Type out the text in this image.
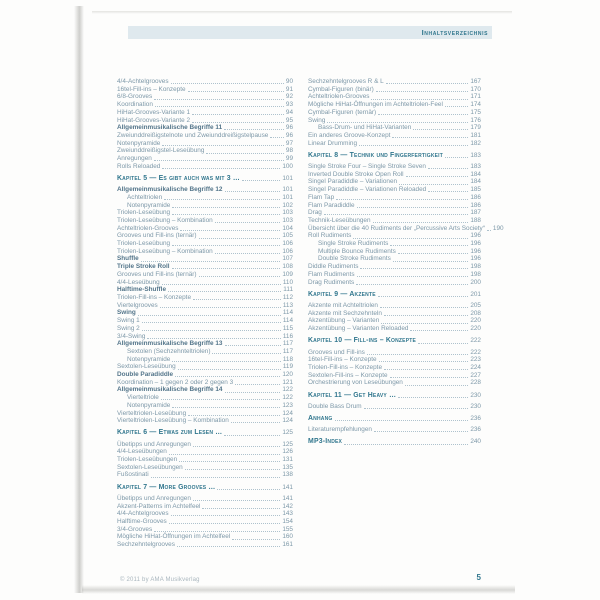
Inhaltsverzeichnis
4/4-Achtelgrooves	90
16tel-Fill-ins – Konzepte	91
6/8-Grooves	92
Koordination	93
HiHat-Grooves-Variante 1	94
HiHat-Grooves-Variante 2	95
Allgemeinmusikalische Begriffe 11	96
Zweiunddreißigstelnote und Zweiunddreißigstelpause	96
Notenpyramide	97
Zweiunddreißigstel-Leseübung	98
Anregungen	99
Rolls Reloaded	100
Kapitel 5 — Es gibt auch was mit 3 …	101
Allgemeinmusikalische Begriffe 12	101
Achteltriolen	101
Notenpyramide	102
Triolen-Leseübung	103
Triolen-Leseübung – Kombination	103
Achteltriolen-Grooves	104
Grooves und Fill-ins (ternär)	105
Triolen-Leseübung	106
Triolen-Leseübung – Kombination	106
Shuffle	107
Triple Stroke Roll	108
Grooves und Fill-ins (ternär)	109
4/4-Leseübung	110
Halftime-Shuffle	111
Triolen-Fill-ins – Konzepte	112
Viertelgrooves	113
Swing	114
Swing 1	114
Swing 2	115
3/4-Swing	116
Allgemeinmusikalische Begriffe 13	117
Sextolen (Sechzehnteltriolen)	117
Notenpyramide	118
Sextolen-Leseübung	119
Double Paradiddle	120
Koordination – 1 gegen 2 oder 2 gegen 3	121
Allgemeinmusikalische Begriffe 14	122
Vierteltriole	122
Notenpyramide	123
Vierteltriolen-Leseübung	124
Vierteltriolen-Leseübung – Kombination	124
Kapitel 6 — Etwas zum Lesen …	125
Übetipps und Anregungen	125
4/4-Leseübungen	126
Triolen-Leseübungen	131
Sextolen-Leseübungen	135
Fußostinati	138
Kapitel 7 — More Grooves …	141
Übetipps und Anregungen	141
Akzent-Patterns im Achtelfeel	142
4/4-Achtelgrooves	143
Halftime-Grooves	154
3/4-Grooves	155
Mögliche HiHat-Öffnungen im Achtelfeel	160
Sechzehntelgrooves	161
Sechzehntelgrooves R & L	167
Cymbal-Figuren (binär)	170
Achteltriolen-Grooves	171
Mögliche HiHat-Öffnungen im Achteltriolen-Feel	174
Cymbal-Figuren (ternär)	175
Swing	176
Bass-Drum- und HiHat-Varianten	179
Ein anderes Groove-Konzept	181
Linear Drumming	182
Kapitel 8 — Technik und Fingerfertigkeit	183
Single Stroke Four – Single Stroke Seven	183
Inverted Double Stroke Open Roll	184
Singel Paradiddle – Variationen	184
Singel Paradiddle – Variationen Reloaded	185
Flam Tap	186
Flam Paradiddle	186
Drag	187
Technik-Leseübungen	188
Übersicht über die 40 Rudiments der „Percussive Arts Society“ 190
Roll Rudiments	196
Single Stroke Rudiments	196
Multiple Bounce Rudiments	196
Double Stroke Rudiments	196
Diddle Rudiments	198
Flam Rudiments	198
Drag Rudiments	200
Kapitel 9 — Akzente	201
Akzente mit Achteltriolen	205
Akzente mit Sechzehnteln	208
Akzentübung – Varianten	220
Akzentübung – Varianten Reloaded	220
Kapitel 10 — Fill-ins – Konzepte	222
Grooves und Fill-ins	222
16tel-Fill-ins – Konzepte	223
Triolen-Fill-ins – Konzepte	224
Sextolen-Fill-ins – Konzepte	227
Orchestrierung von Leseübungen	228
Kapitel 11 — Get Heavy …	230
Double Bass Drum	230
Anhang	236
Literaturempfehlungen	236
MP3-Index	240
© 2011 by AMA Musikverlag	5
